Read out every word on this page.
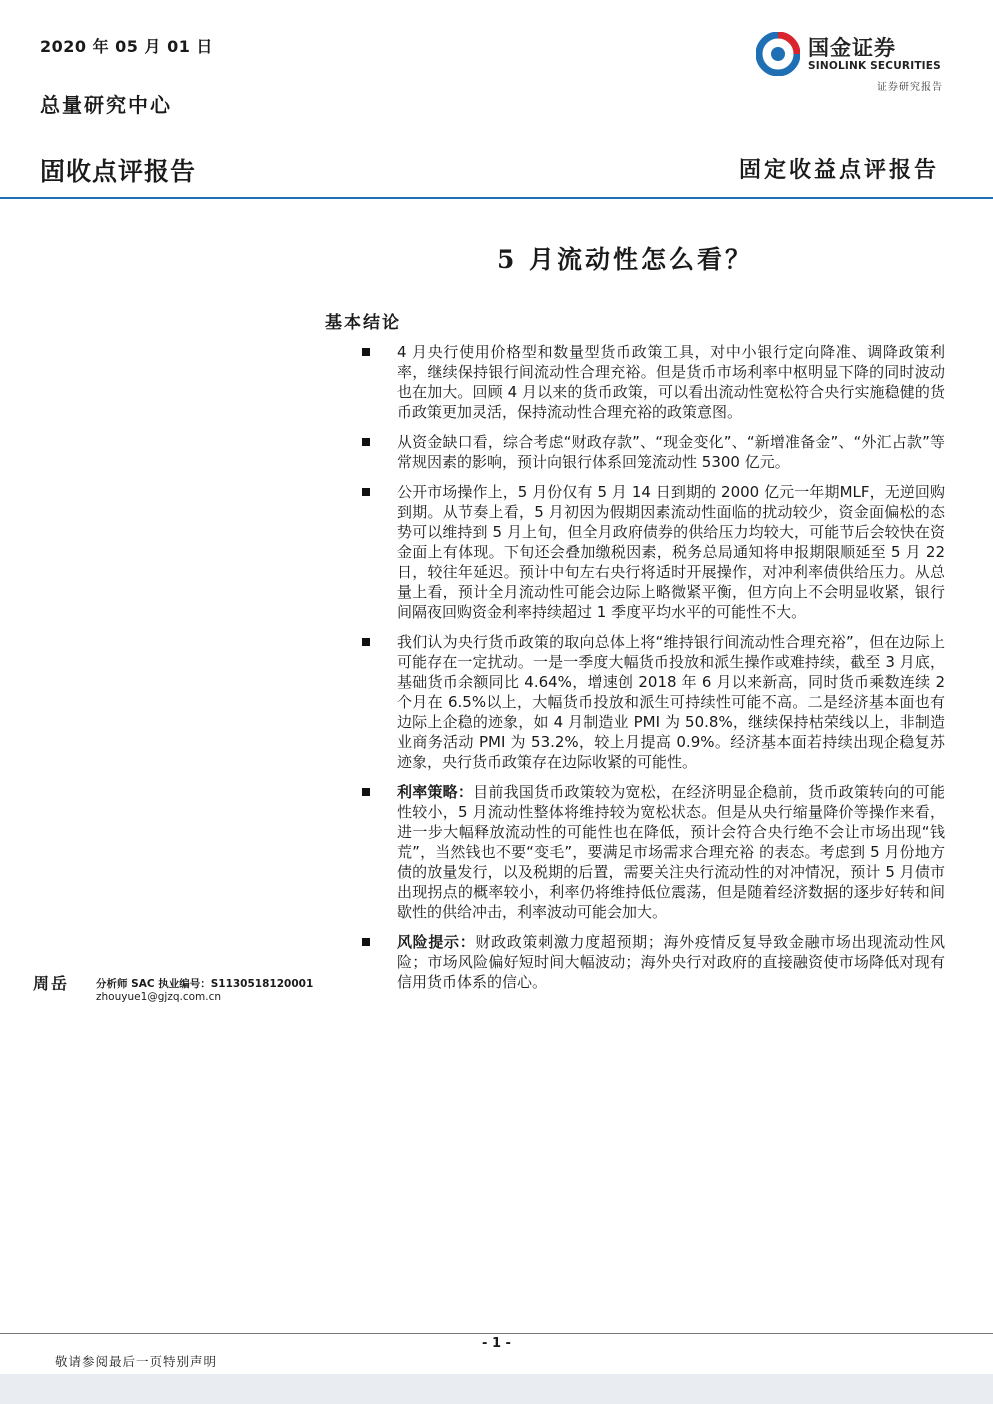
2020 年 05 月 01 日
总量研究中心
固收点评报告	固定收益点评报告
国金证券
SINOLINK SECURITIES
证券研究报告
5 月流动性怎么看？
基本结论
4 月央行使用价格型和数量型货币政策工具，对中小银行定向降准、调降政策利率，继续保持银行间流动性合理充裕。但是货币市场利率中枢明显下降的同时波动也在加大。回顾 4 月以来的货币政策，可以看出流动性宽松符合央行实施稳健的货币政策更加灵活，保持流动性合理充裕的政策意图。
从资金缺口看，综合考虑“财政存款”、“现金变化”、“新增准备金”、“外汇占款”等常规因素的影响，预计向银行体系回笼流动性 5300 亿元。
公开市场操作上，5 月份仅有 5 月 14 日到期的 2000 亿元一年期MLF，无逆回购到期。从节奏上看，5 月初因为假期因素流动性面临的扰动较少，资金面偏松的态势可以维持到 5 月上旬，但全月政府债券的供给压力均较大，可能节后会较快在资金面上有体现。下旬还会叠加缴税因素，税务总局通知将申报期限顺延至 5 月 22 日，较往年延迟。预计中旬左右央行将适时开展操作，对冲利率债供给压力。从总量上看，预计全月流动性可能会边际上略微紧平衡，但方向上不会明显收紧，银行间隔夜回购资金利率持续超过 1 季度平均水平的可能性不大。
我们认为央行货币政策的取向总体上将“维持银行间流动性合理充裕”，但在边际上可能存在一定扰动。一是一季度大幅货币投放和派生操作或难持续，截至 3 月底，基础货币余额同比 4.64%，增速创 2018 年 6 月以来新高，同时货币乘数连续 2 个月在 6.5%以上，大幅货币投放和派生可持续性可能不高。二是经济基本面也有边际上企稳的迹象，如 4 月制造业 PMI 为 50.8%，继续保持枯荣线以上，非制造业商务活动 PMI 为 53.2%，较上月提高 0.9%。经济基本面若持续出现企稳复苏迹象，央行货币政策存在边际收紧的可能性。
利率策略：目前我国货币政策较为宽松，在经济明显企稳前，货币政策转向的可能性较小，5 月流动性整体将维持较为宽松状态。但是从央行缩量降价等操作来看，进一步大幅释放流动性的可能性也在降低，预计会符合央行绝不会让市场出现“钱荒”，当然钱也不要“变毛”，要满足市场需求合理充裕 的表态。考虑到 5 月份地方债的放量发行，以及税期的后置，需要关注央行流动性的对冲情况，预计 5 月债市出现拐点的概率较小，利率仍将维持低位震荡，但是随着经济数据的逐步好转和间歇性的供给冲击，利率波动可能会加大。
风险提示：财政政策刺激力度超预期；海外疫情反复导致金融市场出现流动性风险；市场风险偏好短时间大幅波动；海外央行对政府的直接融资使市场降低对现有信用货币体系的信心。
周岳	分析师 SAC 执业编号：S1130518120001
zhouyue1@gjzq.com.cn
- 1 -
敬请参阅最后一页特别声明
